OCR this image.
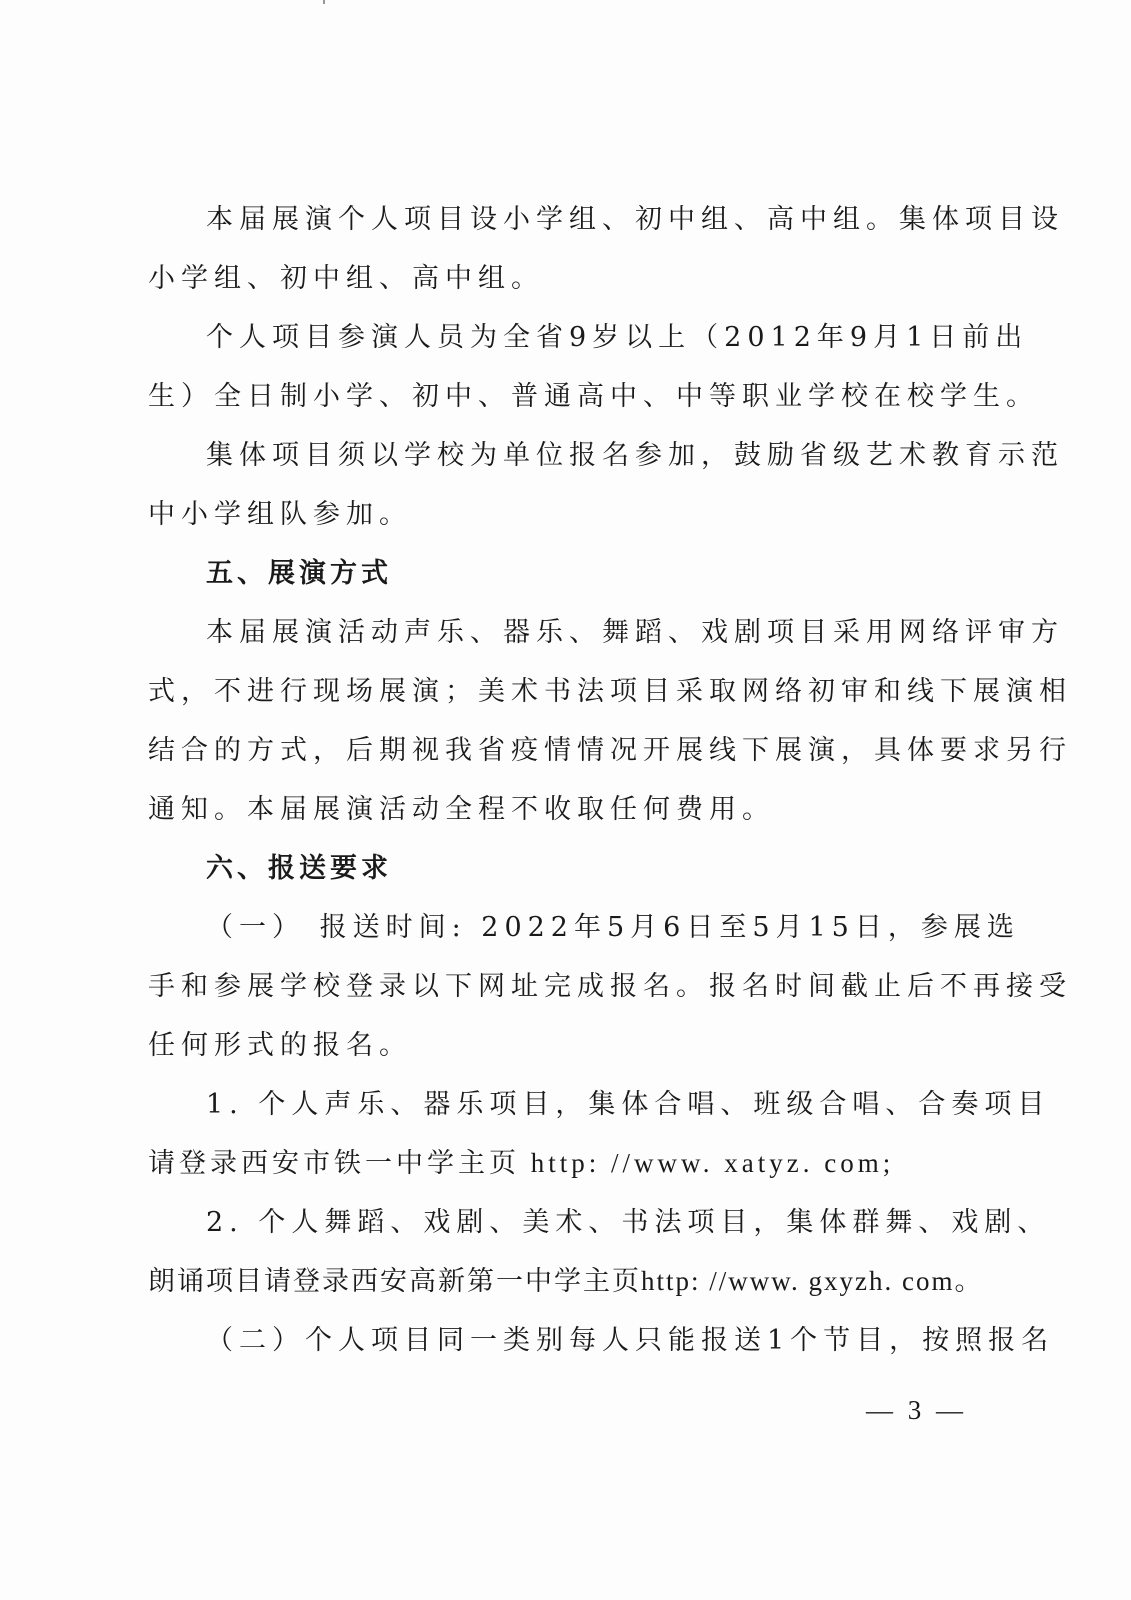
本届展演个人项目设小学组、初中组、高中组。集体项目设
小学组、初中组、高中组。
个人项目参演人员为全省9岁以上（2012年9月1日前出
生）全日制小学、初中、普通高中、中等职业学校在校学生。
集体项目须以学校为单位报名参加，鼓励省级艺术教育示范
中小学组队参加。
五、展演方式
本届展演活动声乐、器乐、舞蹈、戏剧项目采用网络评审方
式，不进行现场展演；美术书法项目采取网络初审和线下展演相
结合的方式，后期视我省疫情情况开展线下展演，具体要求另行
通知。本届展演活动全程不收取任何费用。
六、报送要求
（一） 报送时间: 2022年5月6日至5月15日，参展选
手和参展学校登录以下网址完成报名。报名时间截止后不再接受
任何形式的报名。
1. 个人声乐、器乐项目，集体合唱、班级合唱、合奏项目
请登录西安市铁一中学主页 http: //www. xatyz. com;
2. 个人舞蹈、戏剧、美术、书法项目，集体群舞、戏剧、
朗诵项目请登录西安高新第一中学主页http: //www. gxyzh. com。
（二）个人项目同一类别每人只能报送1个节目，按照报名
— 3 —
